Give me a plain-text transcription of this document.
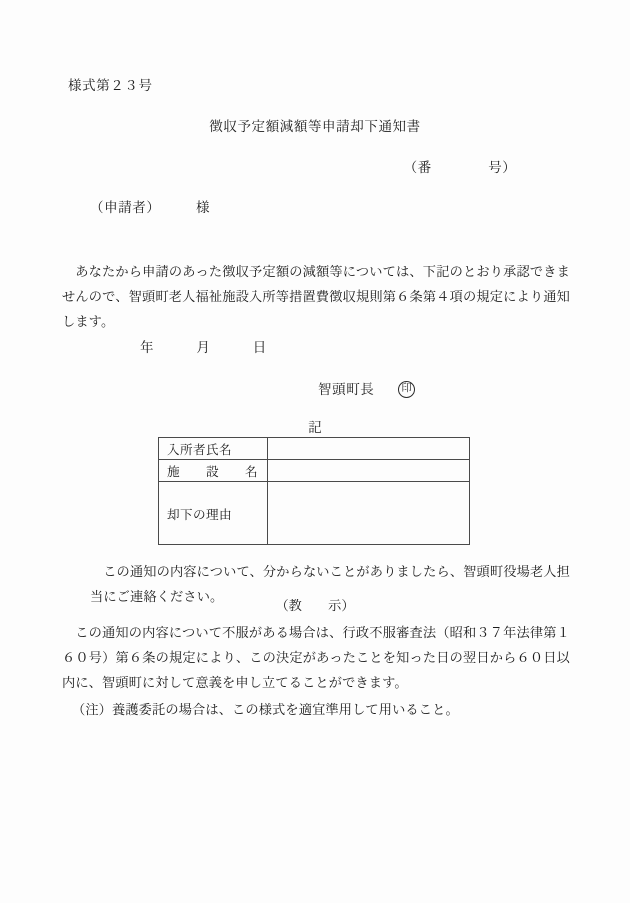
様式第２３号
徴収予定額減額等申請却下通知書
（番　　　　号）
（申請者）　　　様
あなたから申請のあった徴収予定額の減額等については、下記のとおり承認できませんので、智頭町老人福祉施設入所等措置費徴収規則第６条第４項の規定により通知します。
年　　　月　　　日
智頭町長	印
記
入所者氏名	
施　　設　　名	
却下の理由	
この通知の内容について、分からないことがありましたら、智頭町役場老人担当にご連絡ください。
（教　　示）
この通知の内容について不服がある場合は、行政不服審査法（昭和３７年法律第１６０号）第６条の規定により、この決定があったことを知った日の翌日から６０日以内に、智頭町に対して意義を申し立てることができます。
（注）養護委託の場合は、この様式を適宜準用して用いること。
